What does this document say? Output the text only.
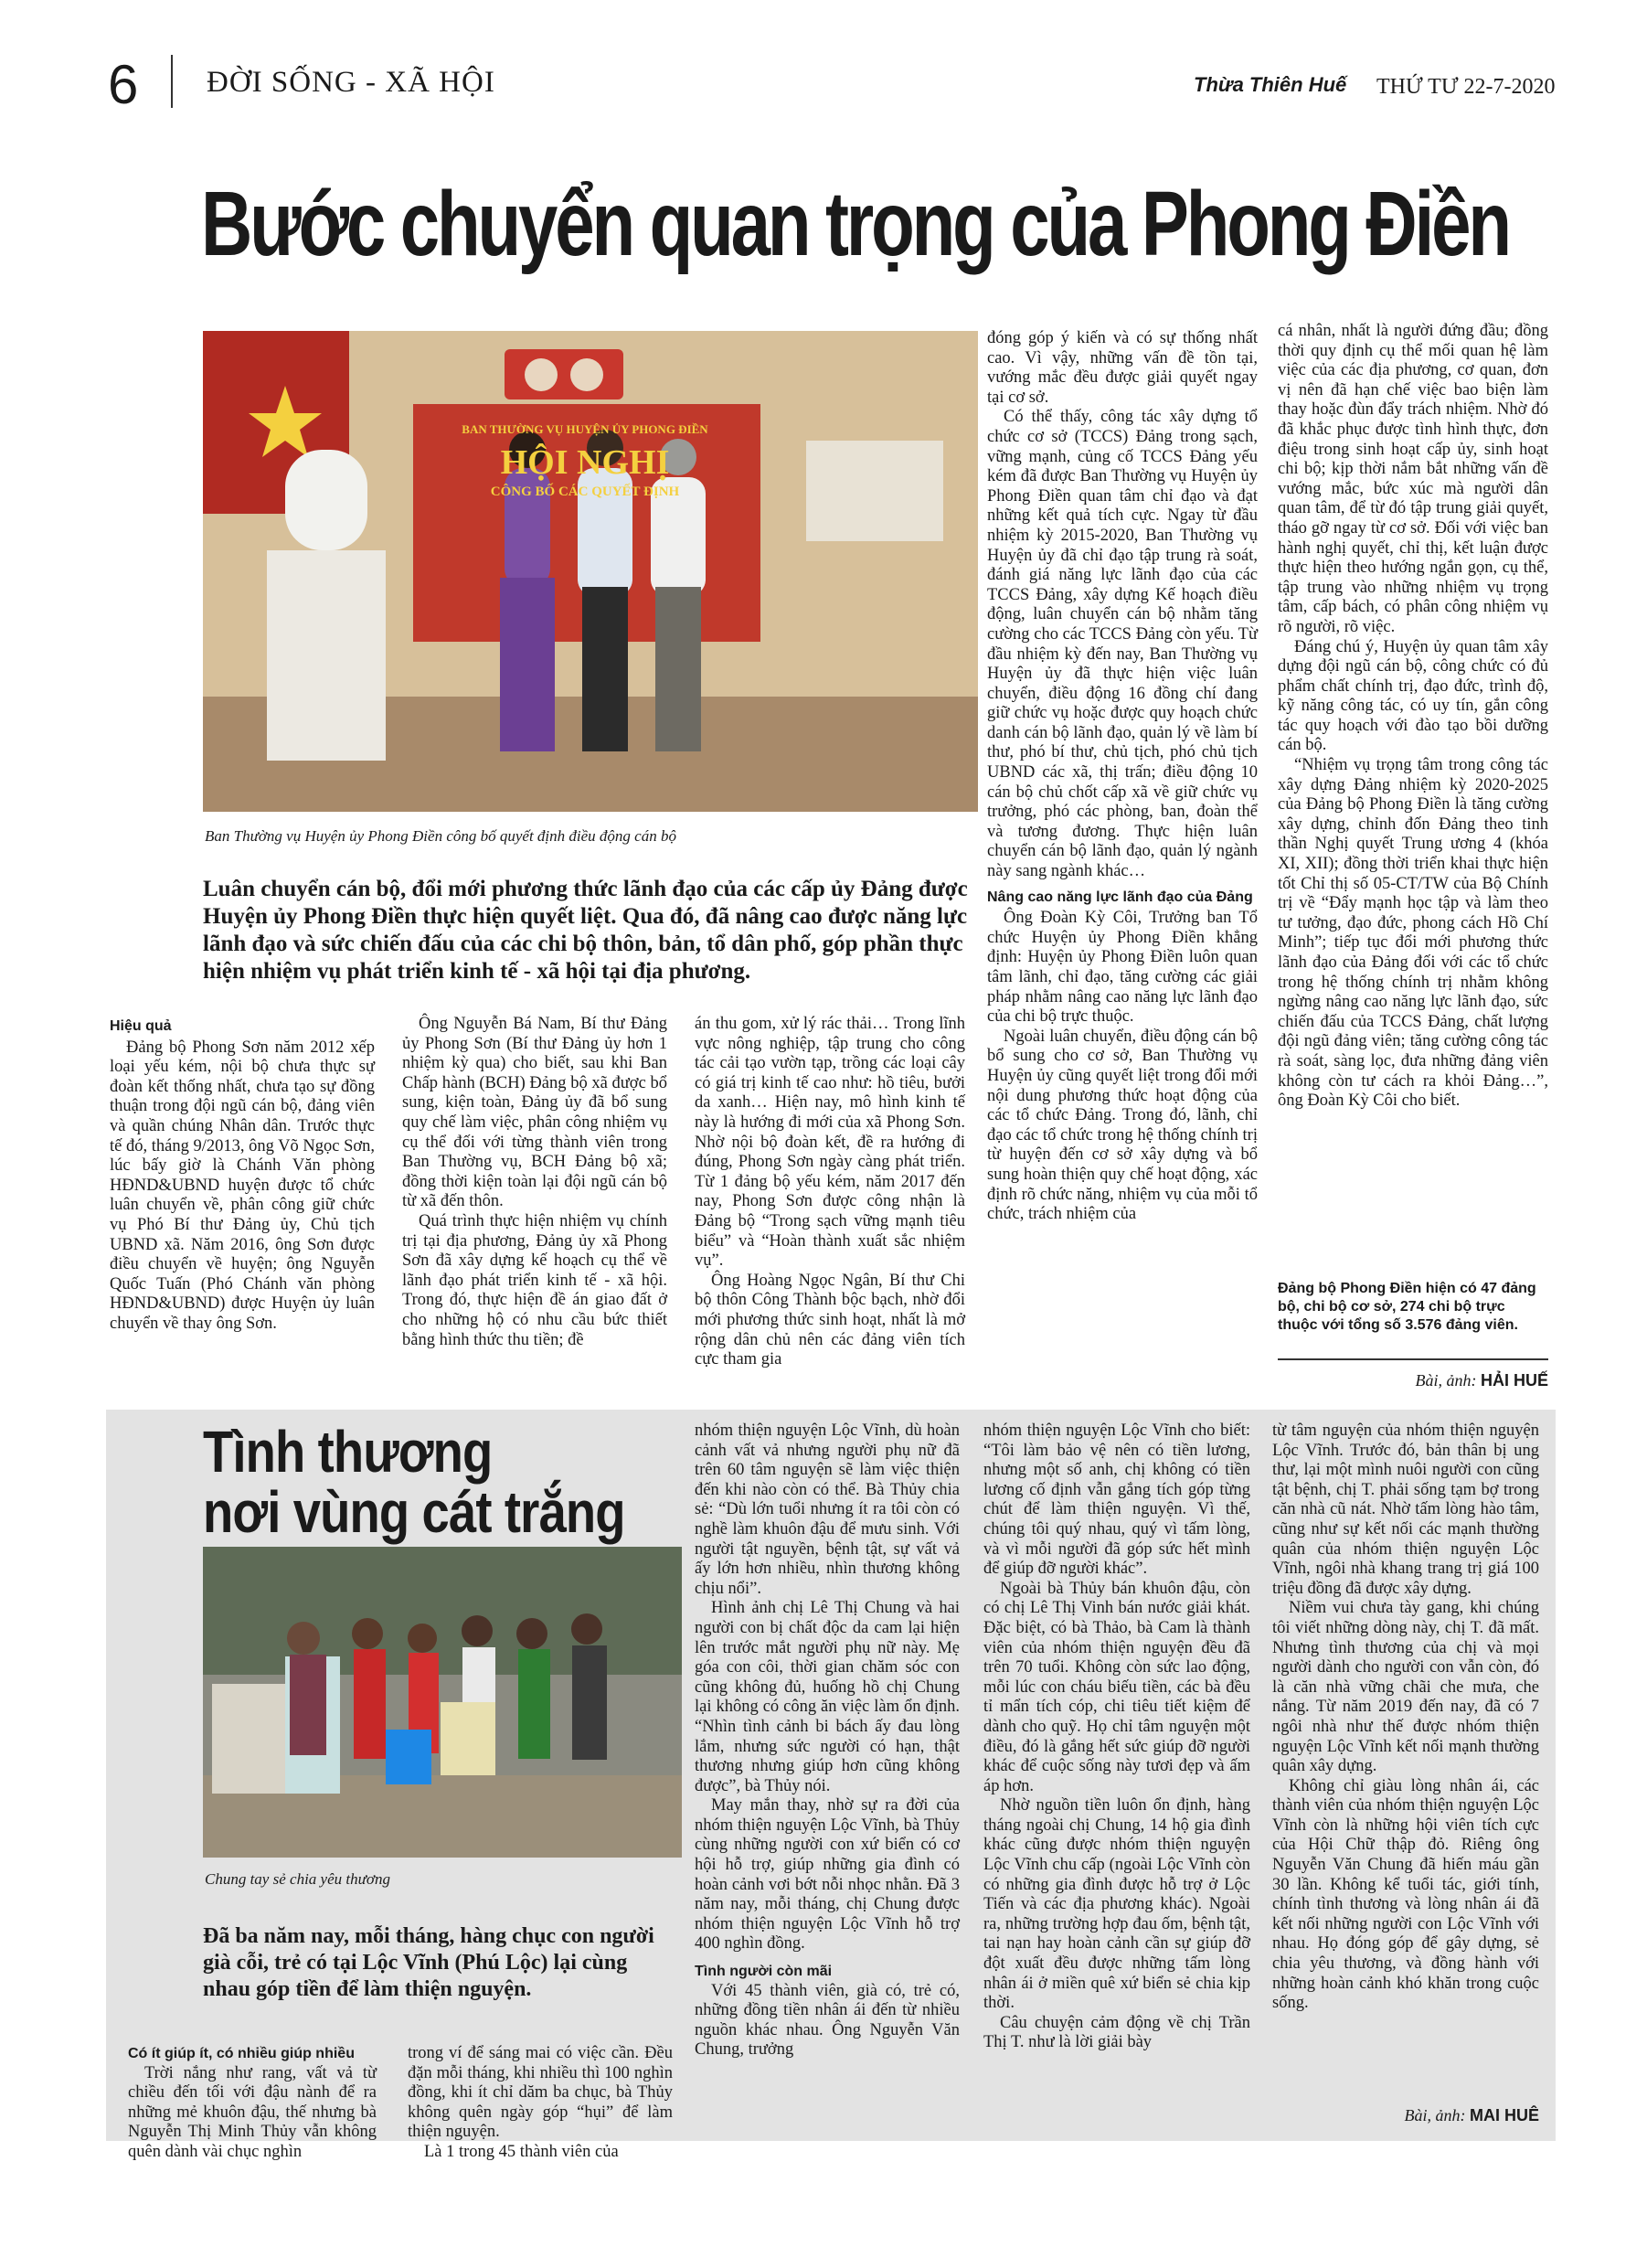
6 ĐỜI SỐNG - XÃ HỘI	Thừa Thiên Huế THỨ TƯ 22-7-2020
Bước chuyển quan trọng của Phong Điền
BAN THƯỜNG VỤ HUYỆN ỦY PHONG ĐIỀN
HỘI NGHỊ
CÔNG BỐ CÁC QUYẾT ĐỊNH
Ban Thường vụ Huyện ủy Phong Điền công bố quyết định điều động cán bộ
Luân chuyển cán bộ, đổi mới phương thức lãnh đạo của các cấp ủy Đảng được Huyện ủy Phong Điền thực hiện quyết liệt. Qua đó, đã nâng cao được năng lực lãnh đạo và sức chiến đấu của các chi bộ thôn, bản, tổ dân phố, góp phần thực hiện nhiệm vụ phát triển kinh tế - xã hội tại địa phương.

đóng góp ý kiến và có sự thống nhất cao. Vì vậy, những vấn đề tồn tại, vướng mắc đều được giải quyết ngay tại cơ sở.

Có thể thấy, công tác xây dựng tổ chức cơ sở (TCCS) Đảng trong sạch, vững mạnh, củng cố TCCS Đảng yếu kém đã được Ban Thường vụ Huyện ủy Phong Điền quan tâm chỉ đạo và đạt những kết quả tích cực. Ngay từ đầu nhiệm kỳ 2015-2020, Ban Thường vụ Huyện ủy đã chỉ đạo tập trung rà soát, đánh giá năng lực lãnh đạo của các TCCS Đảng, xây dựng Kế hoạch điều động, luân chuyển cán bộ nhằm tăng cường cho các TCCS Đảng còn yếu. Từ đầu nhiệm kỳ đến nay, Ban Thường vụ Huyện ủy đã thực hiện việc luân chuyển, điều động 16 đồng chí đang giữ chức vụ hoặc được quy hoạch chức danh cán bộ lãnh đạo, quản lý về làm bí thư, phó bí thư, chủ tịch, phó chủ tịch UBND các xã, thị trấn; điều động 10 cán bộ chủ chốt cấp xã về giữ chức vụ trưởng, phó các phòng, ban, đoàn thể và tương đương. Thực hiện luân chuyển cán bộ lãnh đạo, quản lý ngành này sang ngành khác…

Nâng cao năng lực lãnh đạo của Đảng

Ông Đoàn Kỳ Côi, Trưởng ban Tổ chức Huyện ủy Phong Điền khẳng định: Huyện ủy Phong Điền luôn quan tâm lãnh, chỉ đạo, tăng cường các giải pháp nhằm nâng cao năng lực lãnh đạo của chi bộ trực thuộc.

Ngoài luân chuyển, điều động cán bộ bổ sung cho cơ sở, Ban Thường vụ Huyện ủy cũng quyết liệt trong đổi mới nội dung phương thức hoạt động của các tổ chức Đảng. Trong đó, lãnh, chỉ đạo các tổ chức trong hệ thống chính trị từ huyện đến cơ sở xây dựng và bổ sung hoàn thiện quy chế hoạt động, xác định rõ chức năng, nhiệm vụ của mỗi tổ chức, trách nhiệm của

cá nhân, nhất là người đứng đầu; đồng thời quy định cụ thể mối quan hệ làm việc của các địa phương, cơ quan, đơn vị nên đã hạn chế việc bao biện làm thay hoặc đùn đẩy trách nhiệm. Nhờ đó đã khắc phục được tình hình thực, đơn điệu trong sinh hoạt cấp ủy, sinh hoạt chi bộ; kịp thời nắm bắt những vấn đề vướng mắc, bức xúc mà người dân quan tâm, để từ đó tập trung giải quyết, tháo gỡ ngay từ cơ sở. Đối với việc ban hành nghị quyết, chỉ thị, kết luận được thực hiện theo hướng ngắn gọn, cụ thể, tập trung vào những nhiệm vụ trọng tâm, cấp bách, có phân công nhiệm vụ rõ người, rõ việc.

Đáng chú ý, Huyện ủy quan tâm xây dựng đội ngũ cán bộ, công chức có đủ phẩm chất chính trị, đạo đức, trình độ, kỹ năng công tác, có uy tín, gắn công tác quy hoạch với đào tạo bồi dưỡng cán bộ.

“Nhiệm vụ trọng tâm trong công tác xây dựng Đảng nhiệm kỳ 2020-2025 của Đảng bộ Phong Điền là tăng cường xây dựng, chỉnh đốn Đảng theo tinh thần Nghị quyết Trung ương 4 (khóa XI, XII); đồng thời triển khai thực hiện tốt Chỉ thị số 05-CT/TW của Bộ Chính trị về “Đẩy mạnh học tập và làm theo tư tưởng, đạo đức, phong cách Hồ Chí Minh”; tiếp tục đổi mới phương thức lãnh đạo của Đảng đối với các tổ chức trong hệ thống chính trị nhằm không ngừng nâng cao năng lực lãnh đạo, sức chiến đấu của TCCS Đảng, chất lượng đội ngũ đảng viên; tăng cường công tác rà soát, sàng lọc, đưa những đảng viên không còn tư cách ra khỏi Đảng…”, ông Đoàn Kỳ Côi cho biết.

Đảng bộ Phong Điền hiện có 47 đảng bộ, chi bộ cơ sở, 274 chi bộ trực thuộc với tổng số 3.576 đảng viên.
Bài, ảnh: HẢI HUẾ
Hiệu quả

Đảng bộ Phong Sơn năm 2012 xếp loại yếu kém, nội bộ chưa thực sự đoàn kết thống nhất, chưa tạo sự đồng thuận trong đội ngũ cán bộ, đảng viên và quần chúng Nhân dân. Trước thực tế đó, tháng 9/2013, ông Võ Ngọc Sơn, lúc bấy giờ là Chánh Văn phòng HĐND&UBND huyện được tổ chức luân chuyển về, phân công giữ chức vụ Phó Bí thư Đảng ủy, Chủ tịch UBND xã. Năm 2016, ông Sơn được điều chuyển về huyện; ông Nguyễn Quốc Tuấn (Phó Chánh văn phòng HĐND&UBND) được Huyện ủy luân chuyển về thay ông Sơn.

Ông Nguyễn Bá Nam, Bí thư Đảng ủy Phong Sơn (Bí thư Đảng ủy hơn 1 nhiệm kỳ qua) cho biết, sau khi Ban Chấp hành (BCH) Đảng bộ xã được bổ sung, kiện toàn, Đảng ủy đã bổ sung quy chế làm việc, phân công nhiệm vụ cụ thể đối với từng thành viên trong Ban Thường vụ, BCH Đảng bộ xã; đồng thời kiện toàn lại đội ngũ cán bộ từ xã đến thôn.

Quá trình thực hiện nhiệm vụ chính trị tại địa phương, Đảng ủy xã Phong Sơn đã xây dựng kế hoạch cụ thể về lãnh đạo phát triển kinh tế - xã hội. Trong đó, thực hiện đề án giao đất ở cho những hộ có nhu cầu bức thiết bằng hình thức thu tiền; đề

án thu gom, xử lý rác thải… Trong lĩnh vực nông nghiệp, tập trung cho công tác cải tạo vườn tạp, trồng các loại cây có giá trị kinh tế cao như: hồ tiêu, bưởi da xanh… Hiện nay, mô hình kinh tế này là hướng đi mới của xã Phong Sơn. Nhờ nội bộ đoàn kết, đề ra hướng đi đúng, Phong Sơn ngày càng phát triển. Từ 1 đảng bộ yếu kém, năm 2017 đến nay, Phong Sơn được công nhận là Đảng bộ “Trong sạch vững mạnh tiêu biểu” và “Hoàn thành xuất sắc nhiệm vụ”.

Ông Hoàng Ngọc Ngân, Bí thư Chi bộ thôn Công Thành bộc bạch, nhờ đổi mới phương thức sinh hoạt, nhất là mở rộng dân chủ nên các đảng viên tích cực tham gia

Tình thương
nơi vùng cát trắng
Chung tay sẻ chia yêu thương
Đã ba năm nay, mỗi tháng, hàng chục con người già cỗi, trẻ có tại Lộc Vĩnh (Phú Lộc) lại cùng nhau góp tiền để làm thiện nguyện.
Có ít giúp ít, có nhiều giúp nhiều

Trời nắng như rang, vất vả từ chiều đến tối với đậu nành để ra những mẻ khuôn đậu, thế nhưng bà Nguyễn Thị Minh Thủy vẫn không quên dành vài chục nghìn

trong ví để sáng mai có việc cần. Đều đặn mỗi tháng, khi nhiều thì 100 nghìn đồng, khi ít chỉ dăm ba chục, bà Thủy không quên ngày góp “hụi” để làm thiện nguyện.

Là 1 trong 45 thành viên của

nhóm thiện nguyện Lộc Vĩnh, dù hoàn cảnh vất vả nhưng người phụ nữ đã trên 60 tâm nguyện sẽ làm việc thiện đến khi nào còn có thể. Bà Thủy chia sẻ: “Dù lớn tuổi nhưng ít ra tôi còn có nghề làm khuôn đậu để mưu sinh. Với người tật nguyền, bệnh tật, sự vất vả ấy lớn hơn nhiều, nhìn thương không chịu nổi”.

Hình ảnh chị Lê Thị Chung và hai người con bị chất độc da cam lại hiện lên trước mắt người phụ nữ này. Mẹ góa con côi, thời gian chăm sóc con cũng không đủ, huống hồ chị Chung lại không có công ăn việc làm ổn định. “Nhìn tình cảnh bi bách ấy đau lòng lắm, nhưng sức người có hạn, thật thương nhưng giúp hơn cũng không được”, bà Thủy nói.

May mắn thay, nhờ sự ra đời của nhóm thiện nguyện Lộc Vĩnh, bà Thủy cùng những người con xứ biển có cơ hội hỗ trợ, giúp những gia đình có hoàn cảnh vơi bớt nỗi nhọc nhằn. Đã 3 năm nay, mỗi tháng, chị Chung được nhóm thiện nguyện Lộc Vĩnh hỗ trợ 400 nghìn đồng.

Tình người còn mãi

Với 45 thành viên, già có, trẻ có, những đồng tiền nhân ái đến từ nhiều nguồn khác nhau. Ông Nguyễn Văn Chung, trưởng

nhóm thiện nguyện Lộc Vĩnh cho biết: “Tôi làm bảo vệ nên có tiền lương, nhưng một số anh, chị không có tiền lương cố định vẫn gắng tích góp từng chút để làm thiện nguyện. Vì thế, chúng tôi quý nhau, quý vì tấm lòng, và vì mỗi người đã góp sức hết mình để giúp đỡ người khác”.

Ngoài bà Thủy bán khuôn đậu, còn có chị Lê Thị Vinh bán nước giải khát. Đặc biệt, có bà Thảo, bà Cam là thành viên của nhóm thiện nguyện đều đã trên 70 tuổi. Không còn sức lao động, mỗi lúc con cháu biếu tiền, các bà đều tỉ mẩn tích cóp, chi tiêu tiết kiệm để dành cho quỹ. Họ chỉ tâm nguyện một điều, đó là gắng hết sức giúp đỡ người khác để cuộc sống này tươi đẹp và ấm áp hơn.

Nhờ nguồn tiền luôn ổn định, hàng tháng ngoài chị Chung, 14 hộ gia đình khác cũng được nhóm thiện nguyện Lộc Vĩnh chu cấp (ngoài Lộc Vĩnh còn có những gia đình được hỗ trợ ở Lộc Tiến và các địa phương khác). Ngoài ra, những trường hợp đau ốm, bệnh tật, tai nạn hay hoàn cảnh cần sự giúp đỡ đột xuất đều được những tấm lòng nhân ái ở miền quê xứ biển sẻ chia kịp thời.

Câu chuyện cảm động về chị Trần Thị T. như là lời giải bày

từ tâm nguyện của nhóm thiện nguyện Lộc Vĩnh. Trước đó, bản thân bị ung thư, lại một mình nuôi người con cũng tật bệnh, chị T. phải sống tạm bợ trong căn nhà cũ nát. Nhờ tấm lòng hào tâm, cũng như sự kết nối các mạnh thường quân của nhóm thiện nguyện Lộc Vĩnh, ngôi nhà khang trang trị giá 100 triệu đồng đã được xây dựng.

Niềm vui chưa tày gang, khi chúng tôi viết những dòng này, chị T. đã mất. Nhưng tình thương của chị và mọi người dành cho người con vẫn còn, đó là căn nhà vững chãi che mưa, che nắng. Từ năm 2019 đến nay, đã có 7 ngôi nhà như thế được nhóm thiện nguyện Lộc Vĩnh kết nối mạnh thường quân xây dựng.

Không chỉ giàu lòng nhân ái, các thành viên của nhóm thiện nguyện Lộc Vĩnh còn là những hội viên tích cực của Hội Chữ thập đỏ. Riêng ông Nguyễn Văn Chung đã hiến máu gần 30 lần. Không kể tuổi tác, giới tính, chính tình thương và lòng nhân ái đã kết nối những người con Lộc Vĩnh với nhau. Họ đóng góp để gây dựng, sẻ chia yêu thương, và đồng hành với những hoàn cảnh khó khăn trong cuộc sống.

Bài, ảnh: MAI HUÊ
